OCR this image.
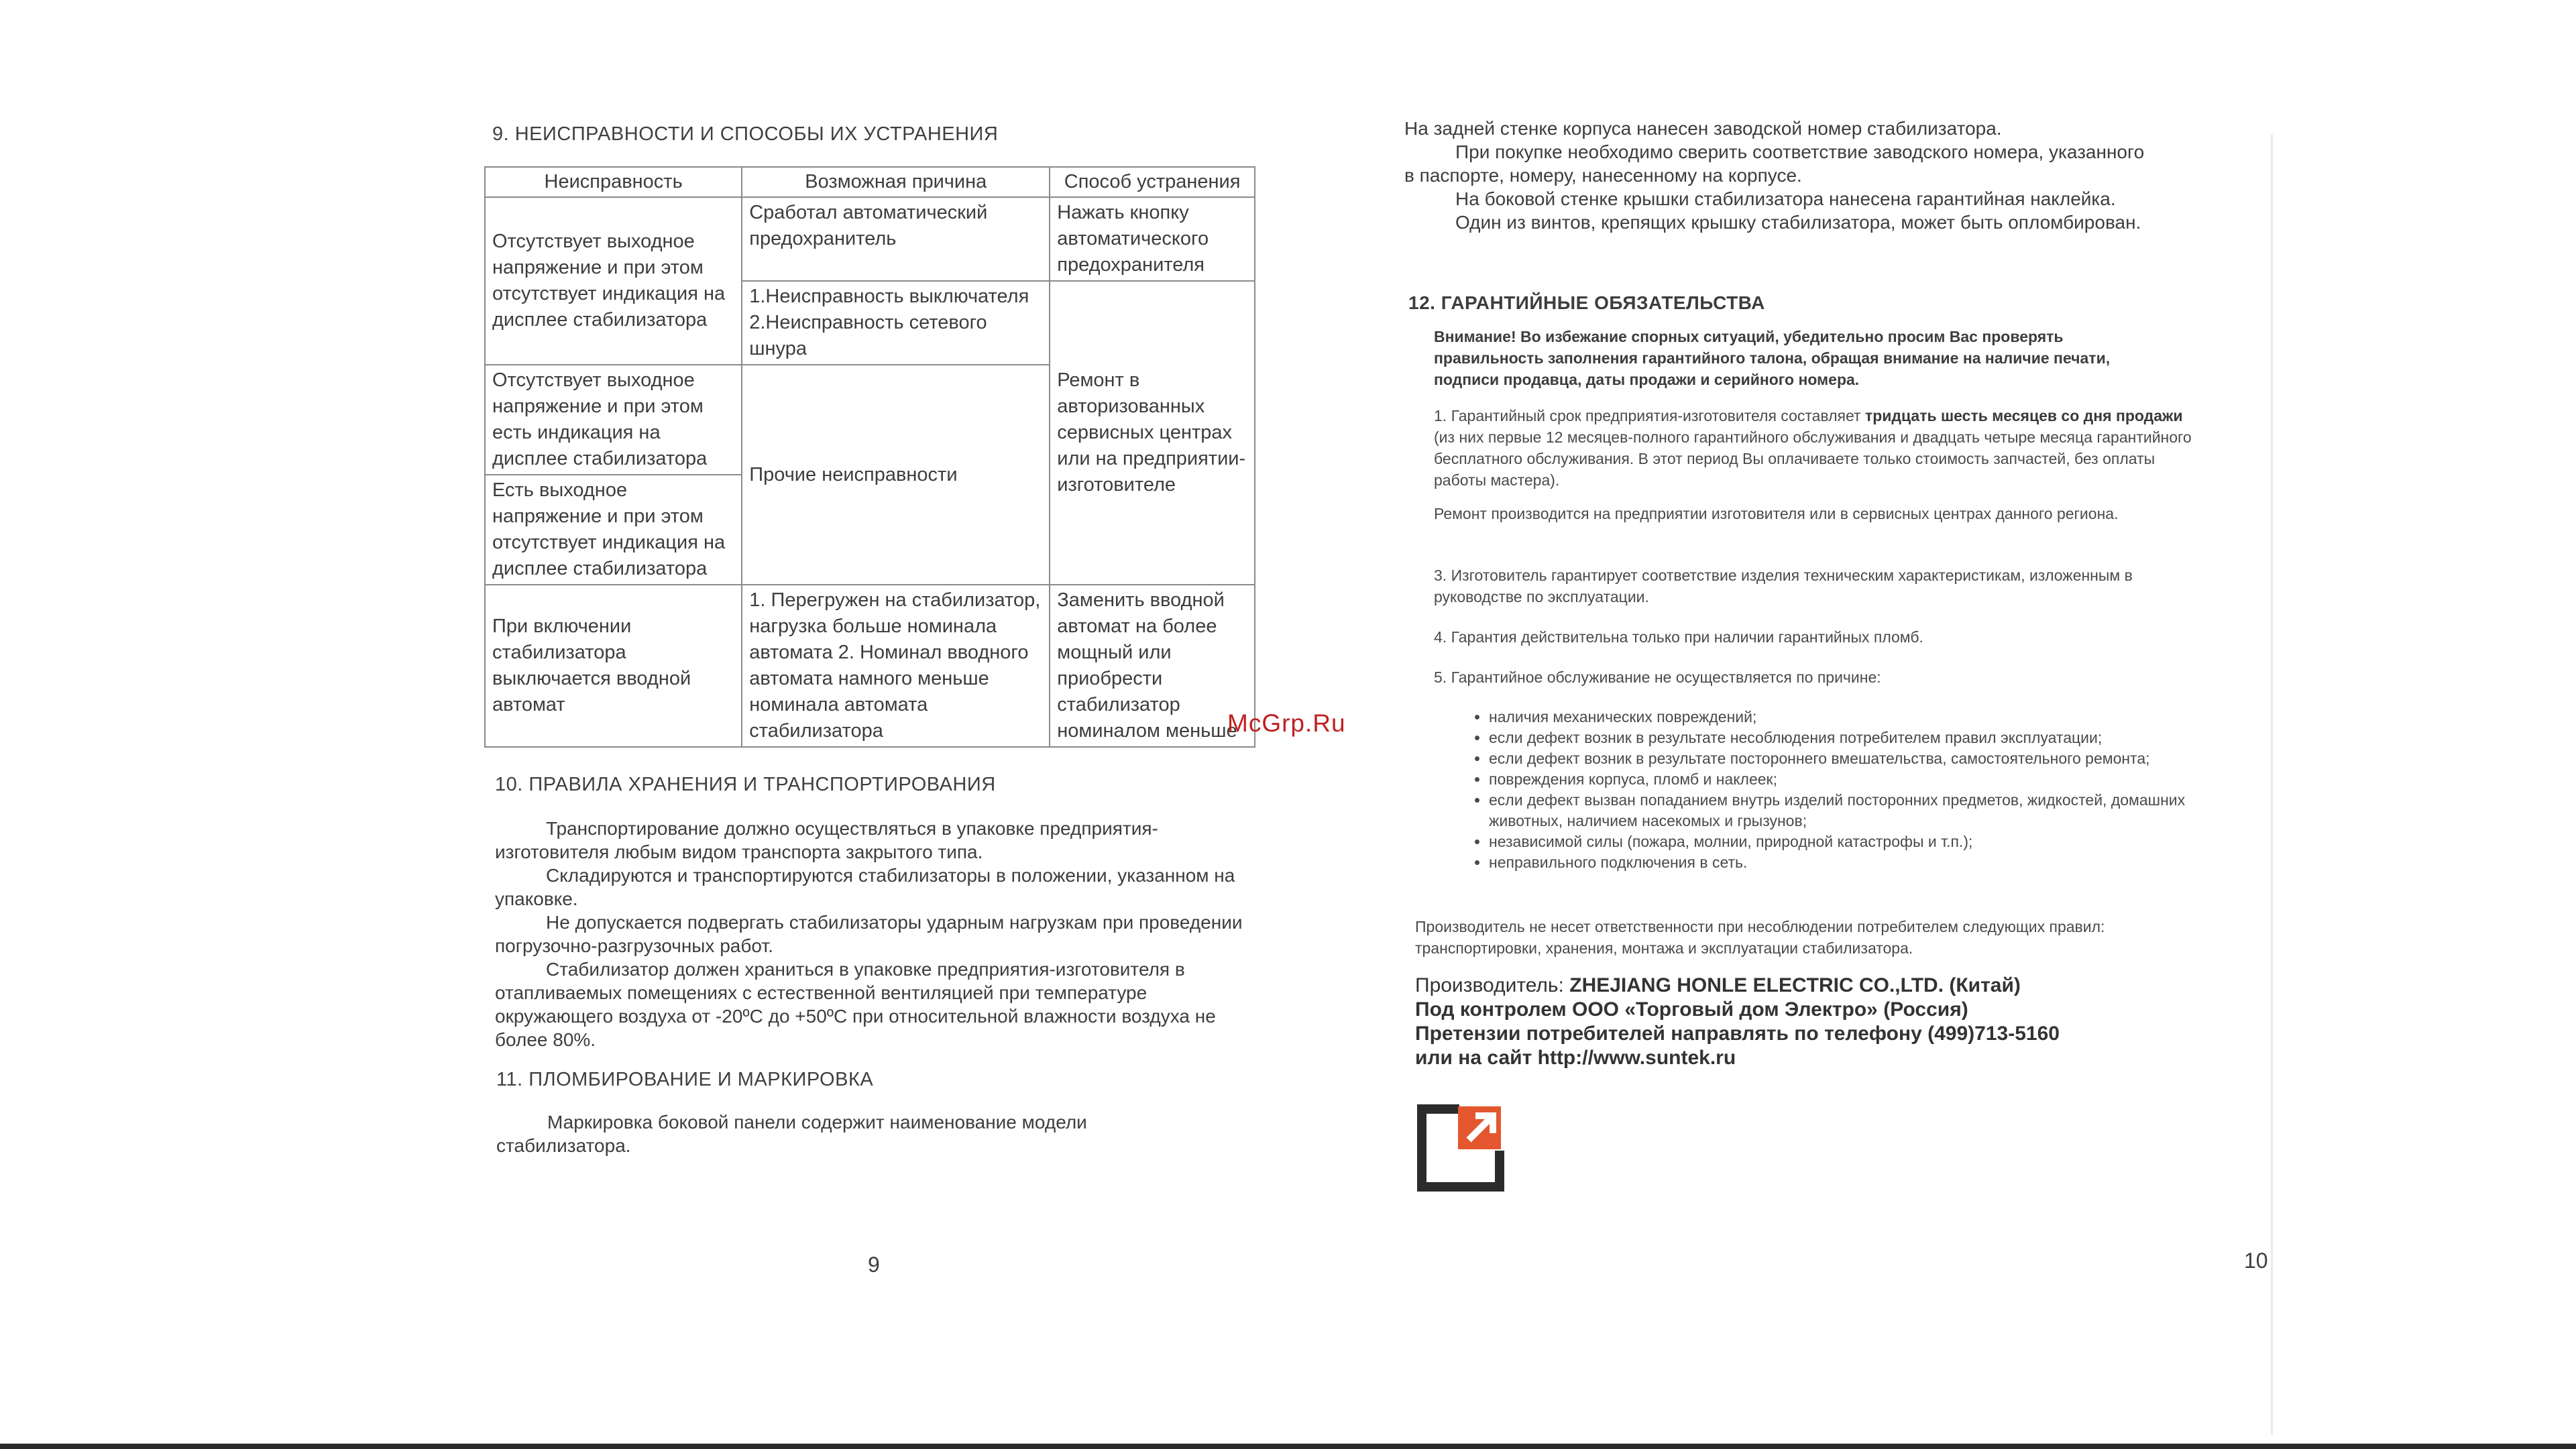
9. НЕИСПРАВНОСТИ И СПОСОБЫ ИХ УСТРАНЕНИЯ
Неисправность	Возможная причина	Способ устранения
Отсутствует выходное напряжение и при этом отсутствует индикация на дисплее стабилизатора	Сработал автоматический предохранитель	Нажать кнопку автоматического предохранителя
	1.Неисправность выключателя 2.Неисправность сетевого шнура	Ремонт в авторизованных сервисных центрах или на предприятии-изготовителе
Отсутствует выходное напряжение и при этом есть индикация на дисплее стабилизатора	Прочие неисправности	
Есть выходное напряжение и при этом отсутствует индикация на дисплее стабилизатора		
При включении стабилизатора выключается вводной автомат	1. Перегружен на стабилизатор, нагрузка больше номинала автомата 2. Номинал вводного автомата намного меньше номинала автомата стабилизатора	Заменить вводной автомат на более мощный или приобрести стабилизатор номиналом меньше
10. ПРАВИЛА ХРАНЕНИЯ И ТРАНСПОРТИРОВАНИЯ

Транспортирование должно осуществляться в упаковке предприятия-изготовителя любым видом транспорта закрытого типа.

Складируются и транспортируются стабилизаторы в положении, указанном на упаковке.

Не допускается подвергать стабилизаторы ударным нагрузкам при проведении погрузочно-разгрузочных работ.

Стабилизатор должен храниться в упаковке предприятия-изготовителя в отапливаемых помещениях с естественной вентиляцией при температуре окружающего воздуха от -20ºС до +50ºС при относительной влажности воздуха не более 80%.

11. ПЛОМБИРОВАНИЕ И МАРКИРОВКА

Маркировка боковой панели содержит наименование модели стабилизатора.

9
McGrp.Ru

На задней стенке корпуса нанесен заводской номер стабилизатора.

При покупке необходимо сверить соответствие заводского номера, указанного в паспорте, номеру, нанесенному на корпусе.

На боковой стенке крышки стабилизатора нанесена гарантийная наклейка.

Один из винтов, крепящих крышку стабилизатора, может быть опломбирован.

12. ГАРАНТИЙНЫЕ ОБЯЗАТЕЛЬСТВА

Внимание! Во избежание спорных ситуаций, убедительно просим Вас проверять правильность заполнения гарантийного талона, обращая внимание на наличие печати, подписи продавца, даты продажи и серийного номера.

1. Гарантийный срок предприятия-изготовителя составляет тридцать шесть месяцев со дня продажи (из них первые 12 месяцев-полного гарантийного обслуживания и двадцать четыре месяца гарантийного бесплатного обслуживания. В этот период Вы оплачиваете только стоимость запчастей, без оплаты работы мастера).

Ремонт производится на предприятии изготовителя или в сервисных центрах данного региона.

3. Изготовитель гарантирует соответствие изделия техническим характеристикам, изложенным в руководстве по эксплуатации.

4. Гарантия действительна только при наличии гарантийных пломб.

5. Гарантийное обслуживание не осуществляется по причине:

• наличия механических повреждений;
• если дефект возник в результате несоблюдения потребителем правил эксплуатации;
• если дефект возник в результате постороннего вмешательства, самостоятельного ремонта;
• повреждения корпуса, пломб и наклеек;
• если дефект вызван попаданием внутрь изделий посторонних предметов, жидкостей, домашних животных, наличием насекомых и грызунов;
• независимой силы (пожара, молнии, природной катастрофы и т.п.);
• неправильного подключения в сеть.

Производитель не несет ответственности при несоблюдении потребителем следующих правил: транспортировки, хранения, монтажа и эксплуатации стабилизатора.

Производитель: ZHEJIANG HONLE ELECTRIC CO.,LTD. (Китай)
Под контролем ООО «Торговый дом Электро» (Россия)
Претензии потребителей направлять по телефону (499)713-5160
или на сайт http://www.suntek.ru
10
